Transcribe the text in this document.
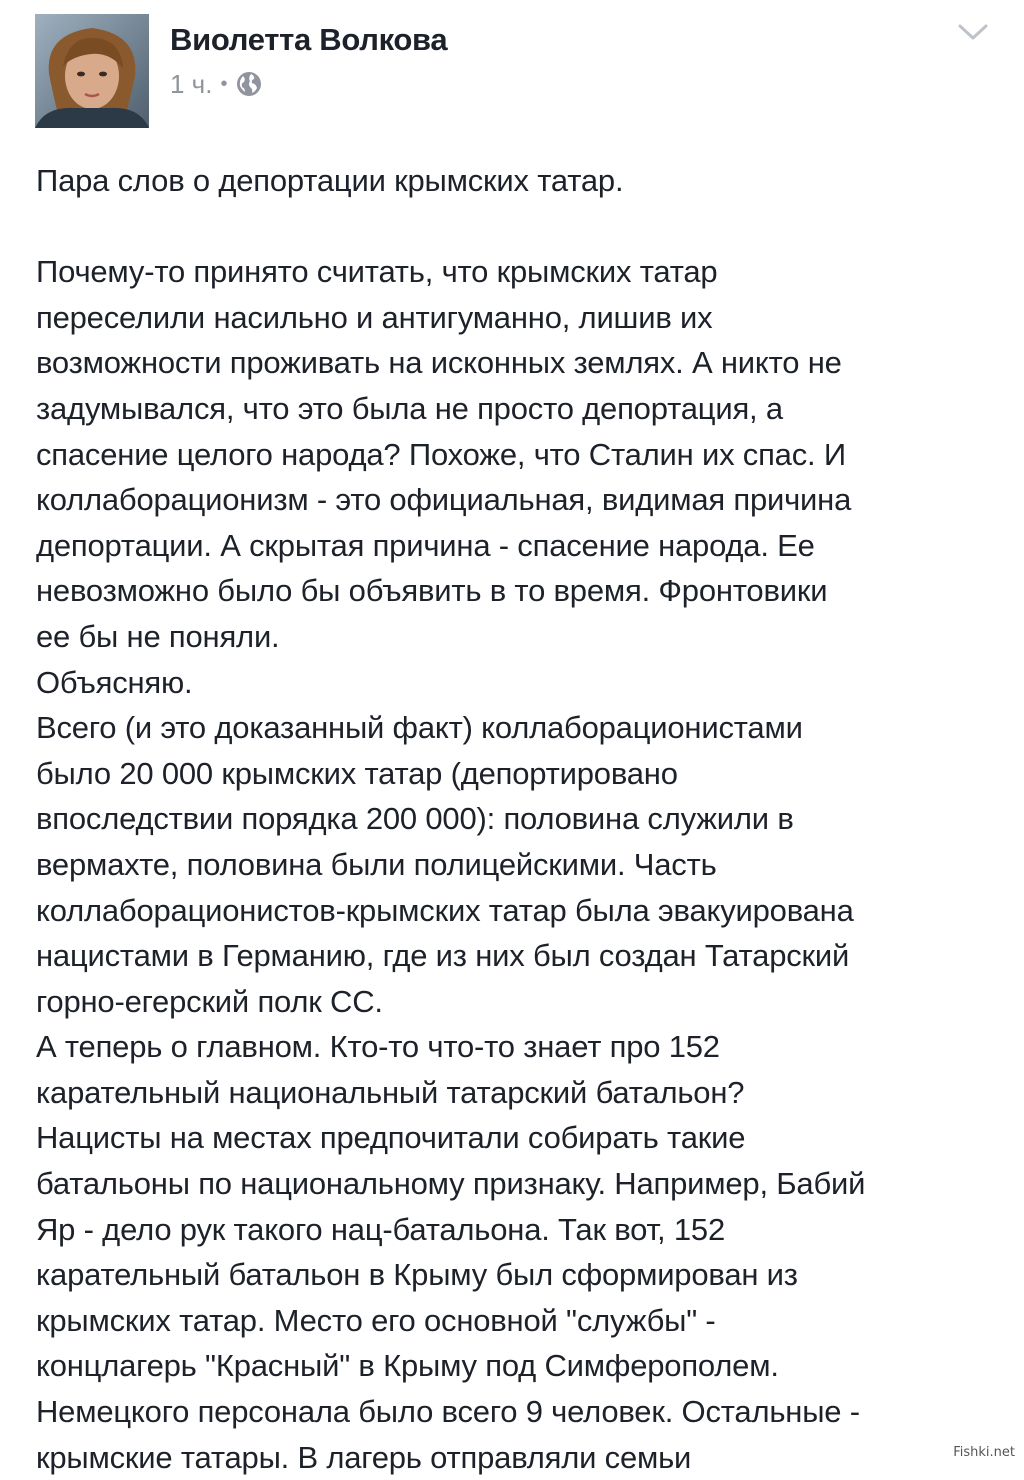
Виолетта Волкова
1 ч. •
Пара слов о депортации крымских татар.
Почему-то принято считать, что крымских татар
переселили насильно и антигуманно, лишив их
возможности проживать на исконных землях. А никто не
задумывался, что это была не просто депортация, а
спасение целого народа? Похоже, что Сталин их спас. И
коллаборационизм - это официальная, видимая причина
депортации. А скрытая причина - спасение народа. Ее
невозможно было бы объявить в то время. Фронтовики
ее бы не поняли.
Объясняю.
Всего (и это доказанный факт) коллаборационистами
было 20 000 крымских татар (депортировано
впоследствии порядка 200 000): половина служили в
вермахте, половина были полицейскими. Часть
коллаборационистов-крымских татар была эвакуирована
нацистами в Германию, где из них был создан Татарский
горно-егерский полк СС.
А теперь о главном. Кто-то что-то знает про 152
карательный национальный татарский батальон?
Нацисты на местах предпочитали собирать такие
батальоны по национальному признаку. Например, Бабий
Яр - дело рук такого нац-батальона. Так вот, 152
карательный батальон в Крыму был сформирован из
крымских татар. Место его основной "службы" -
концлагерь "Красный" в Крыму под Симферополем.
Немецкого персонала было всего 9 человек. Остальные -
крымские татары. В лагерь отправляли семьи	Fishki.net
